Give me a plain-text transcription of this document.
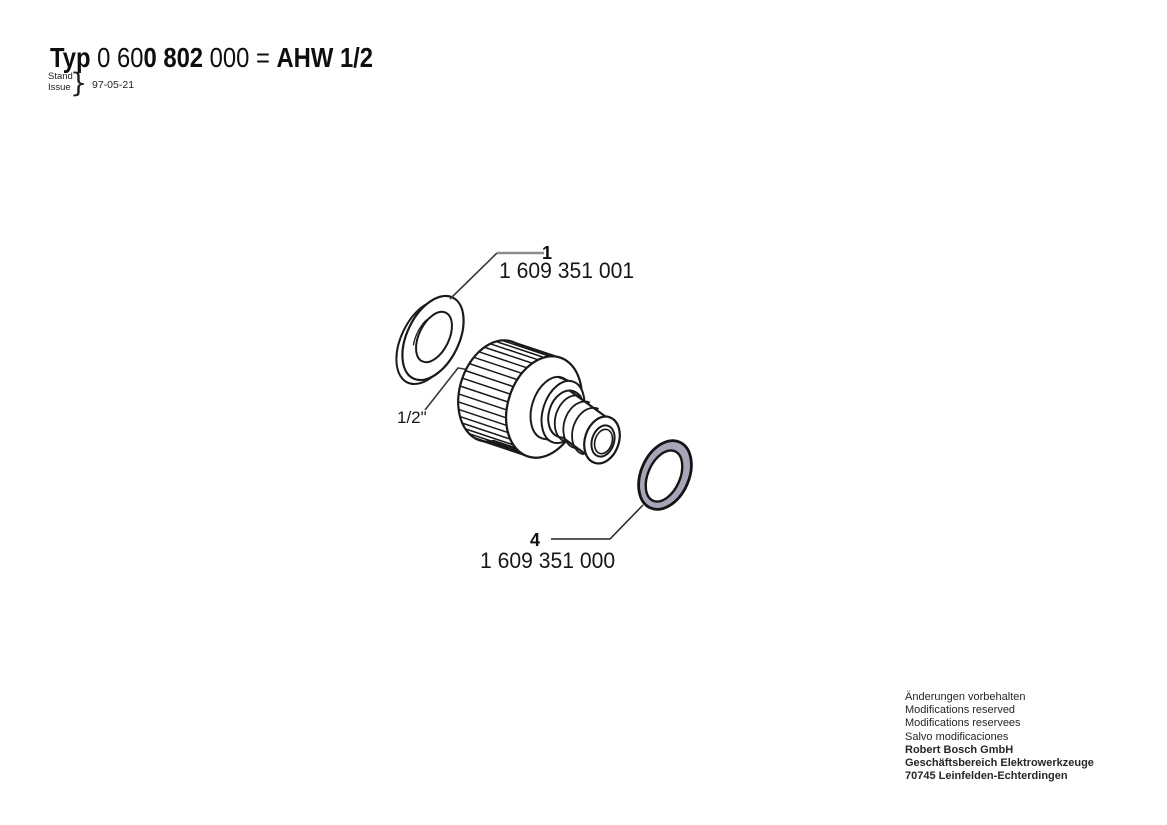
Typ 0 600 802 000 = AHW 1/2

Stand
Issue } 97-05-21
1
1 609 351 001
4
1 609 351 000
1/2"
Änderungen vorbehalten
Modifications reserved
Modifications reservees
Salvo modificaciones
Robert Bosch GmbH
Geschäftsbereich Elektrowerkzeuge
70745 Leinfelden-Echterdingen
